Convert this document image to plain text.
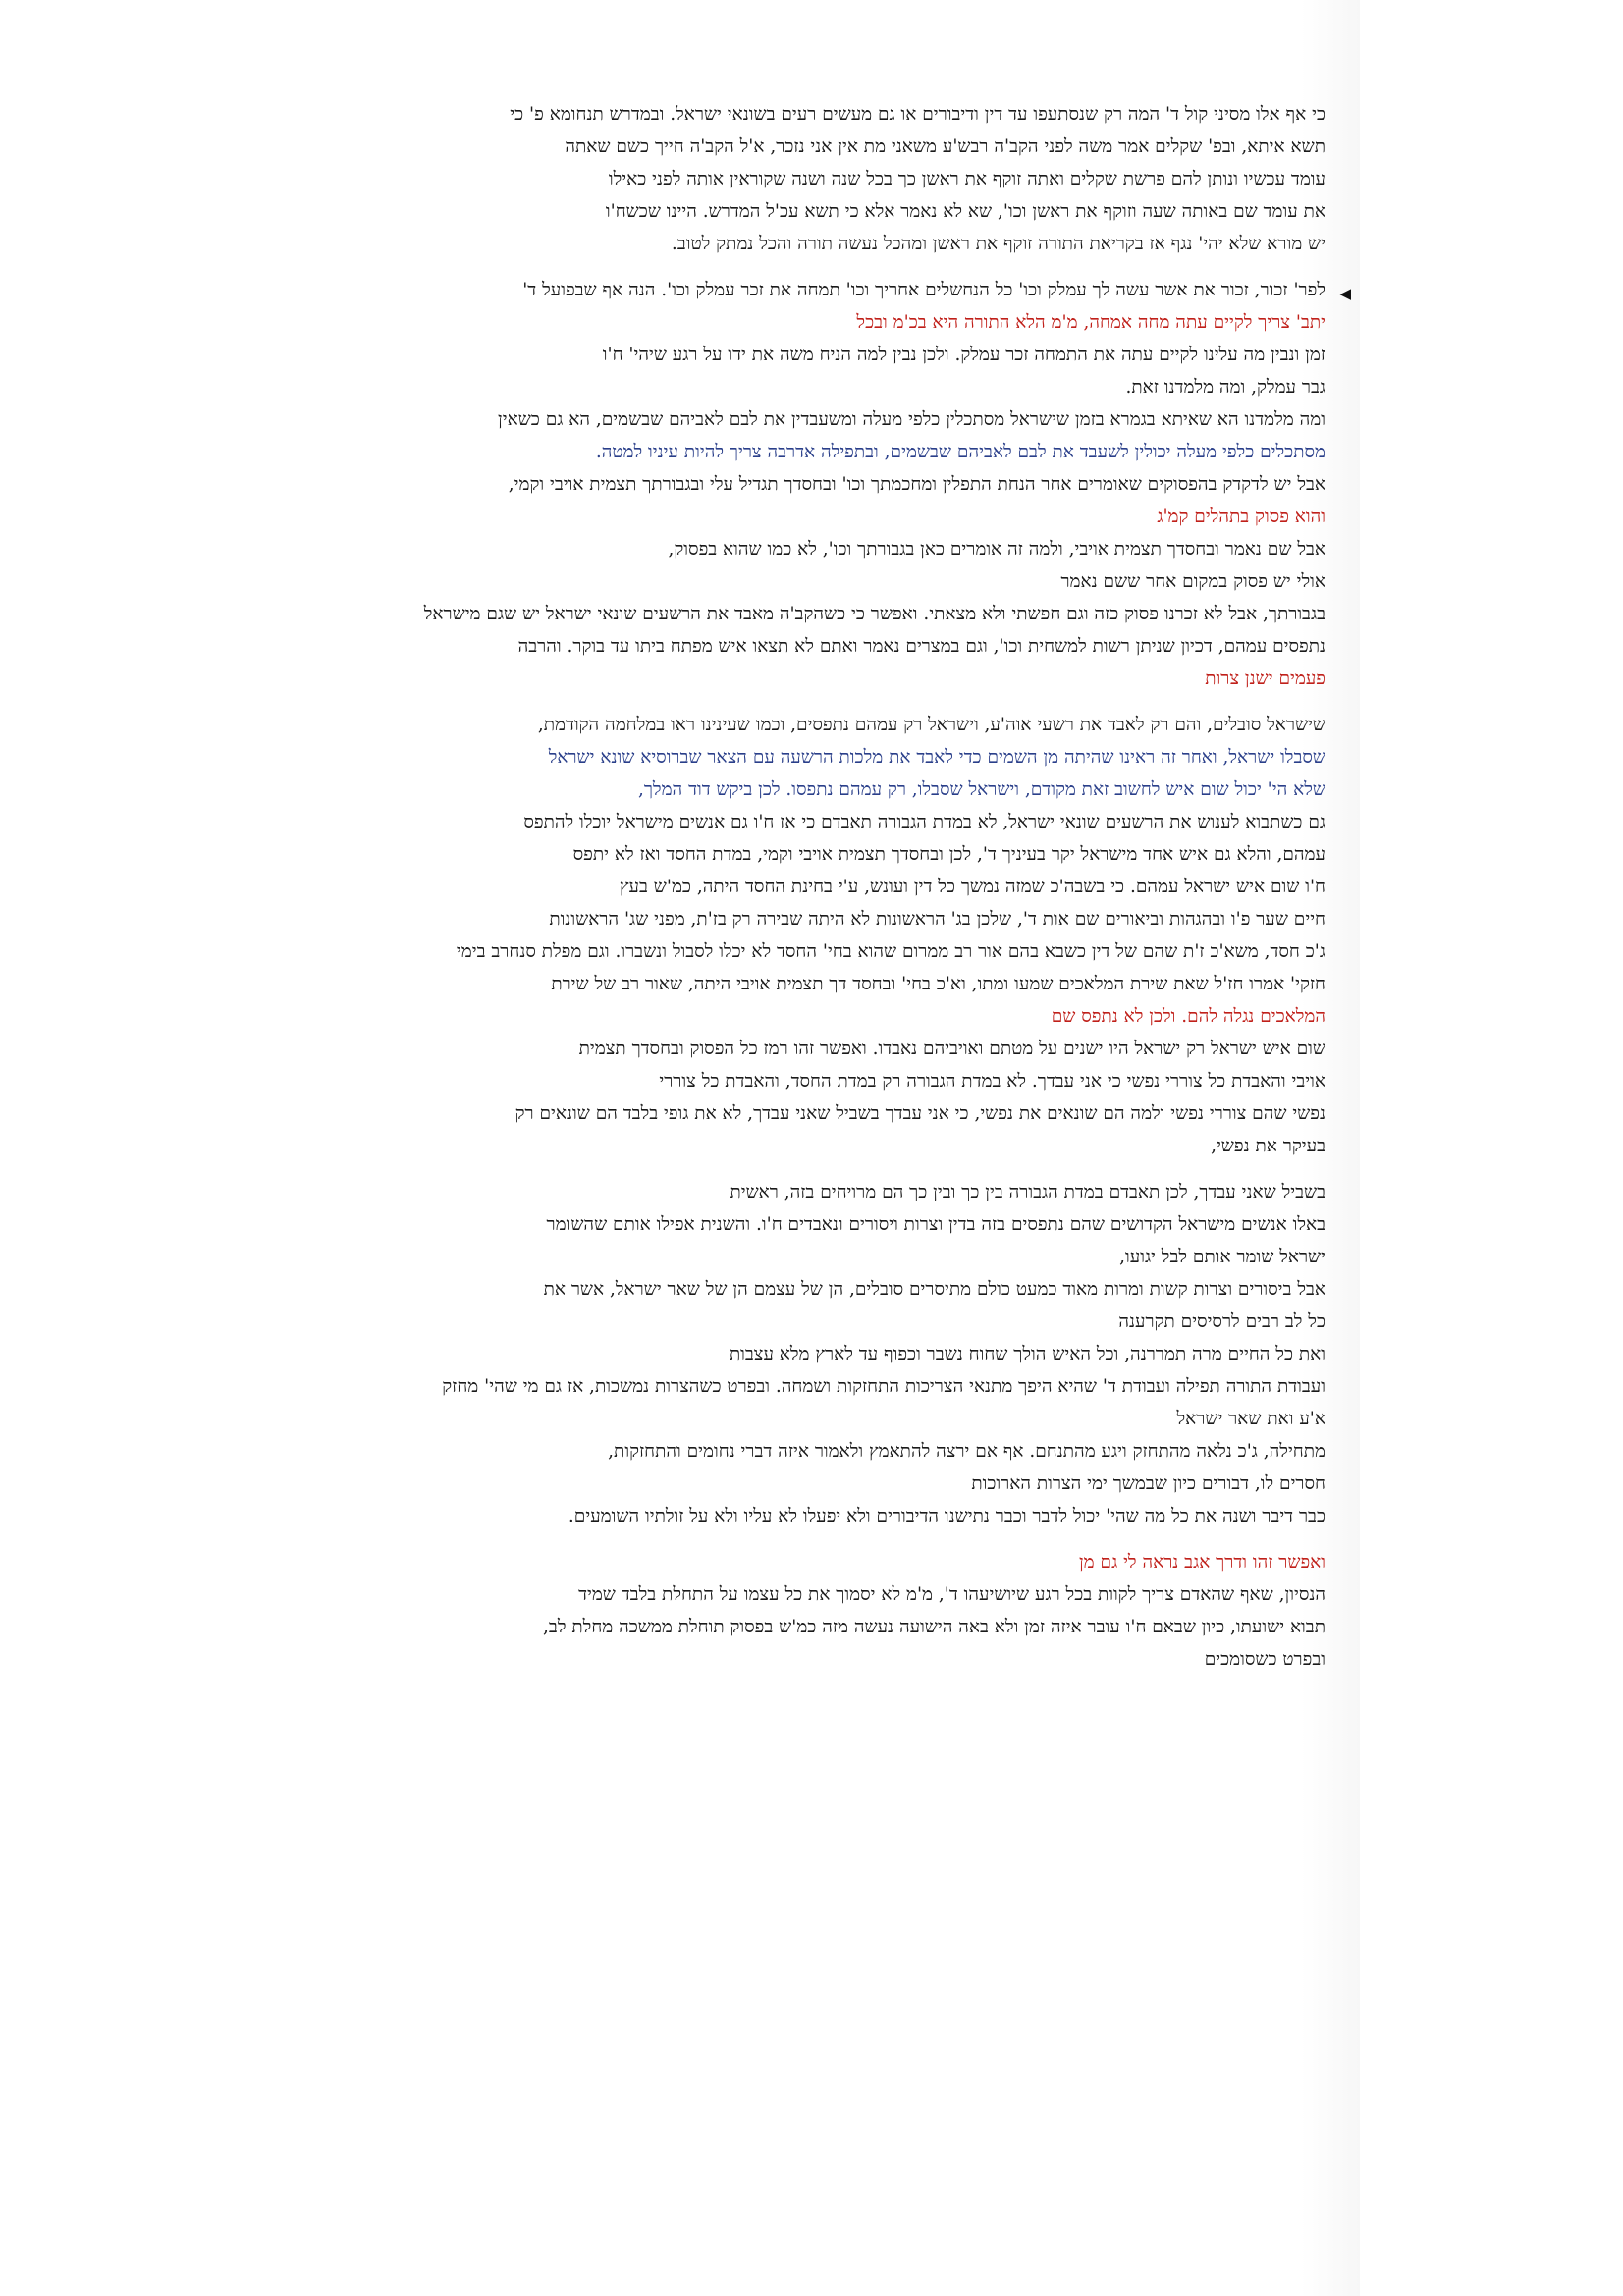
כי אף אלו מסיני קול ד' המה רק שנסתעפו עד דין ודיבורים או גם מעשים רעים בשונאי ישראל. ובמדרש תנחומא פ' כי

תשא איתא, ובפ' שקלים אמר משה לפני הקב'ה רבש'ע משאני מת אין אני נזכר, א'ל הקב'ה חייך כשם שאתה

עומד עכשיו ונותן להם פרשת שקלים ואתה זוקף את ראשן כך בכל שנה ושנה שקוראין אותה לפני כאילו

את עומד שם באותה שעה וזוקף את ראשן וכו', שא לא נאמר אלא כי תשא עכ'ל המדרש. היינו שכשח'ו

יש מורא שלא יהי' נגף אז בקריאת התורה זוקף את ראשן ומהכל נעשה תורה והכל נמתק לטוב.

◀

לפר' זכור, זכור את אשר עשה לך עמלק וכו' כל הנחשלים אחריך וכו' תמחה את זכר עמלק וכו'. הנה אף שבפועל ד'

יתב' צריך לקיים עתה מחה אמחה, מ'מ הלא התורה היא בכ'מ ובכל

זמן ונבין מה עלינו לקיים עתה את התמחה זכר עמלק. ולכן נבין למה הניח משה את ידו על רגע שיהי' ח'ו

גבר עמלק, ומה מלמדנו זאת.

ומה מלמדנו הא שאיתא בגמרא בזמן שישראל מסתכלין כלפי מעלה ומשעבדין את לבם לאביהם שבשמים, הא גם כשאין

מסתכלים כלפי מעלה יכולין לשעבד את לבם לאביהם שבשמים, ובתפילה אדרבה צריך להיות עיניו למטה.

אבל יש לדקדק בהפסוקים שאומרים אחר הנחת התפלין ומחכמתך וכו' ובחסדך תגדיל עלי ובגבורתך תצמית אויבי וקמי,

והוא פסוק בתהלים קמ'ג

אבל שם נאמר ובחסדך תצמית אויבי, ולמה זה אומרים כאן בגבורתך וכו', לא כמו שהוא בפסוק,

אולי יש פסוק במקום אחר ששם נאמר

בגבורתך, אבל לא זכרנו פסוק כזה וגם חפשתי ולא מצאתי. ואפשר כי כשהקב'ה מאבד את הרשעים שונאי ישראל יש שגם מישראל

נתפסים עמהם, דכיון שניתן רשות למשחית וכו', וגם במצרים נאמר ואתם לא תצאו איש מפתח ביתו עד בוקר. והרבה

פעמים ישנן צרות

שישראל סובלים, והם רק לאבד את רשעי אוה'ע, וישראל רק עמהם נתפסים, וכמו שעינינו ראו במלחמה הקודמת,

שסבלו ישראל, ואחר זה ראינו שהיתה מן השמים כדי לאבד את מלכות הרשעה עם הצאר שברוסיא שונא ישראל

שלא הי' יכול שום איש לחשוב זאת מקודם, וישראל שסבלו, רק עמהם נתפסו. לכן ביקש דוד המלך,

גם כשתבוא לענוש את הרשעים שונאי ישראל, לא במדת הגבורה תאבדם כי אז ח'ו גם אנשים מישראל יוכלו להתפס

עמהם, והלא גם איש אחד מישראל יקר בעיניך ד', לכן ובחסדך תצמית אויבי וקמי, במדת החסד ואז לא יתפס

ח'ו שום איש ישראל עמהם. כי בשבה'כ שמזה נמשך כל דין ועונש, ע'י בחינת החסד היתה, כמ'ש בעץ

חיים שער פ'ו ובהגהות וביאורים שם אות ד', שלכן בג' הראשונות לא היתה שבירה רק בז'ת, מפני שג' הראשונות

ג'כ חסד, משא'כ ז'ת שהם של דין כשבא בהם אור רב ממרום שהוא בחי' החסד לא יכלו לסבול ונשברו. וגם מפלת סנחרב בימי

חזקי' אמרו חז'ל שאת שירת המלאכים שמעו ומתו, וא'כ בחי' ובחסד דך תצמית אויבי היתה, שאור רב של שירת

המלאכים נגלה להם. ולכן לא נתפס שם

שום איש ישראל רק ישראל היו ישנים על מטתם ואויביהם נאבדו. ואפשר זהו רמז כל הפסוק ובחסדך תצמית

אויבי והאבדת כל צוררי נפשי כי אני עבדך. לא במדת הגבורה רק במדת החסד, והאבדת כל צוררי

נפשי שהם צוררי נפשי ולמה הם שונאים את נפשי, כי אני עבדך בשביל שאני עבדך, לא את גופי בלבד הם שונאים רק

בעיקר את נפשי,

בשביל שאני עבדך, לכן תאבדם במדת הגבורה בין כך ובין כך הם מרויחים בזה, ראשית

באלו אנשים מישראל הקדושים שהם נתפסים בזה בדין וצרות ויסורים ונאבדים ח'ו. והשנית אפילו אותם שהשומר

ישראל שומר אותם לבל יגועו,

אבל ביסורים וצרות קשות ומרות מאוד כמעט כולם מתיסרים סובלים, הן של עצמם הן של שאר ישראל, אשר את

כל לב רבים לרסיסים תקרענה

ואת כל החיים מרה תמררנה, וכל האיש הולך שחוח נשבר וכפוף עד לארץ מלא עצבות

ועבודת התורה תפילה ועבודת ד' שהיא היפך מתנאי הצריכות התחזקות ושמחה. ובפרט כשהצרות נמשכות, אז גם מי שהי' מחזק

א'ע ואת שאר ישראל

מתחילה, ג'כ נלאה מהתחזק ויגע מהתנחם. אף אם ירצה להתאמץ ולאמור איזה דברי נחומים והתחזקות,

חסרים לו, דבורים כיון שבמשך ימי הצרות הארוכות

כבר דיבר ושנה את כל מה שהי' יכול לדבר וכבר נתישנו הדיבורים ולא יפעלו לא עליו ולא על זולתיו השומעים.

ואפשר זהו ודרך אגב נראה לי גם מן

הנסיון, שאף שהאדם צריך לקוות בכל רגע שיושיעהו ד', מ'מ לא יסמוך את כל עצמו על התחלת בלבד שמיד

תבוא ישועתו, כיון שבאם ח'ו עובר איזה זמן ולא באה הישועה נעשה מזה כמ'ש בפסוק תוחלת ממשכה מחלת לב,

ובפרט כשסומכים
